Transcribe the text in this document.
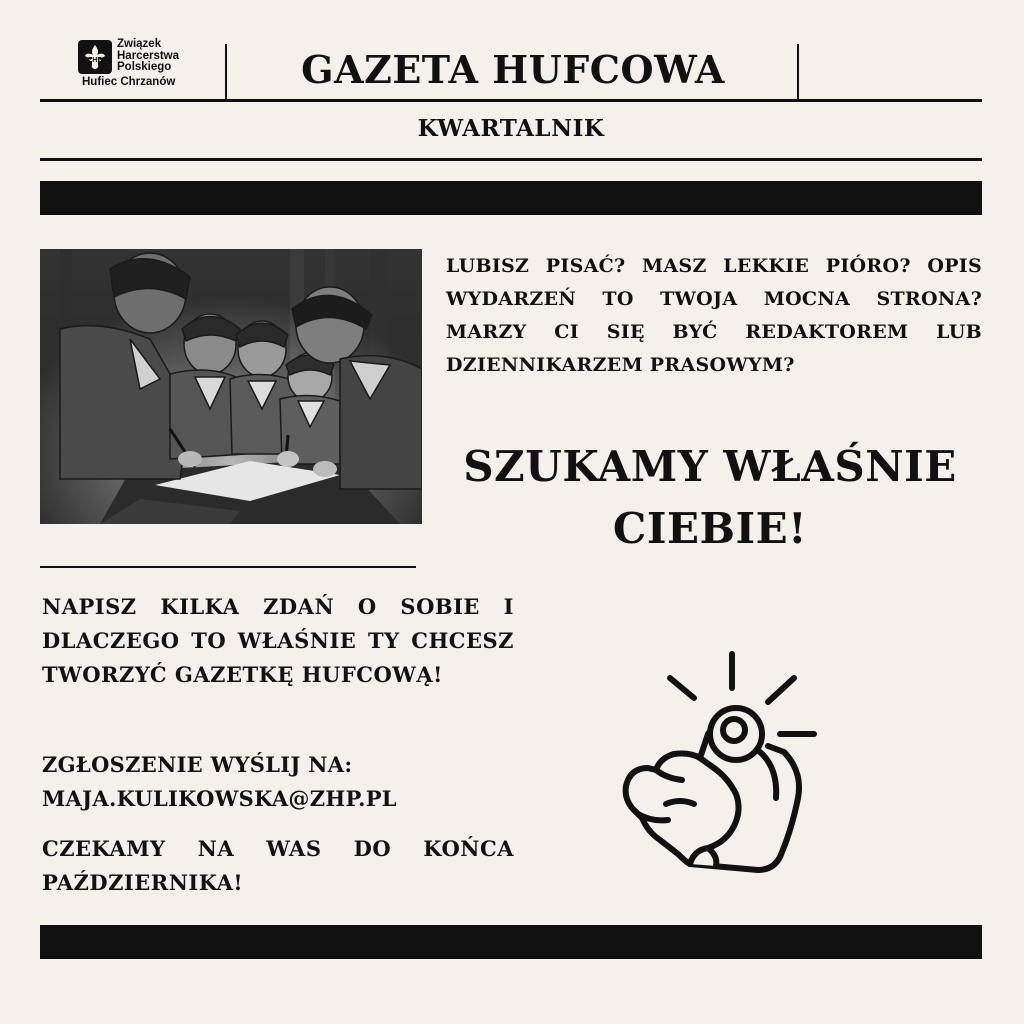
ZHP
Związek
Harcerstwa
Polskiego
Hufiec Chrzanów	GAZETA HUFCOWA
KWARTALNIK
LUBISZ PISAĆ? MASZ LEKKIE PIÓRO? OPIS WYDARZEŃ TO TWOJA MOCNA STRONA? MARZY CI SIĘ BYĆ REDAKTOREM LUB DZIENNIKARZEM PRASOWYM?
SZUKAMY WŁAŚNIE
CIEBIE!
NAPISZ KILKA ZDAŃ O SOBIE I DLACZEGO TO WŁAŚNIE TY CHCESZ TWORZYĆ GAZETKĘ HUFCOWĄ!
ZGŁOSZENIE WYŚLIJ NA:
MAJA.KULIKOWSKA@ZHP.PL
CZEKAMY NA WAS DO KOŃCA PAŹDZIERNIKA!
